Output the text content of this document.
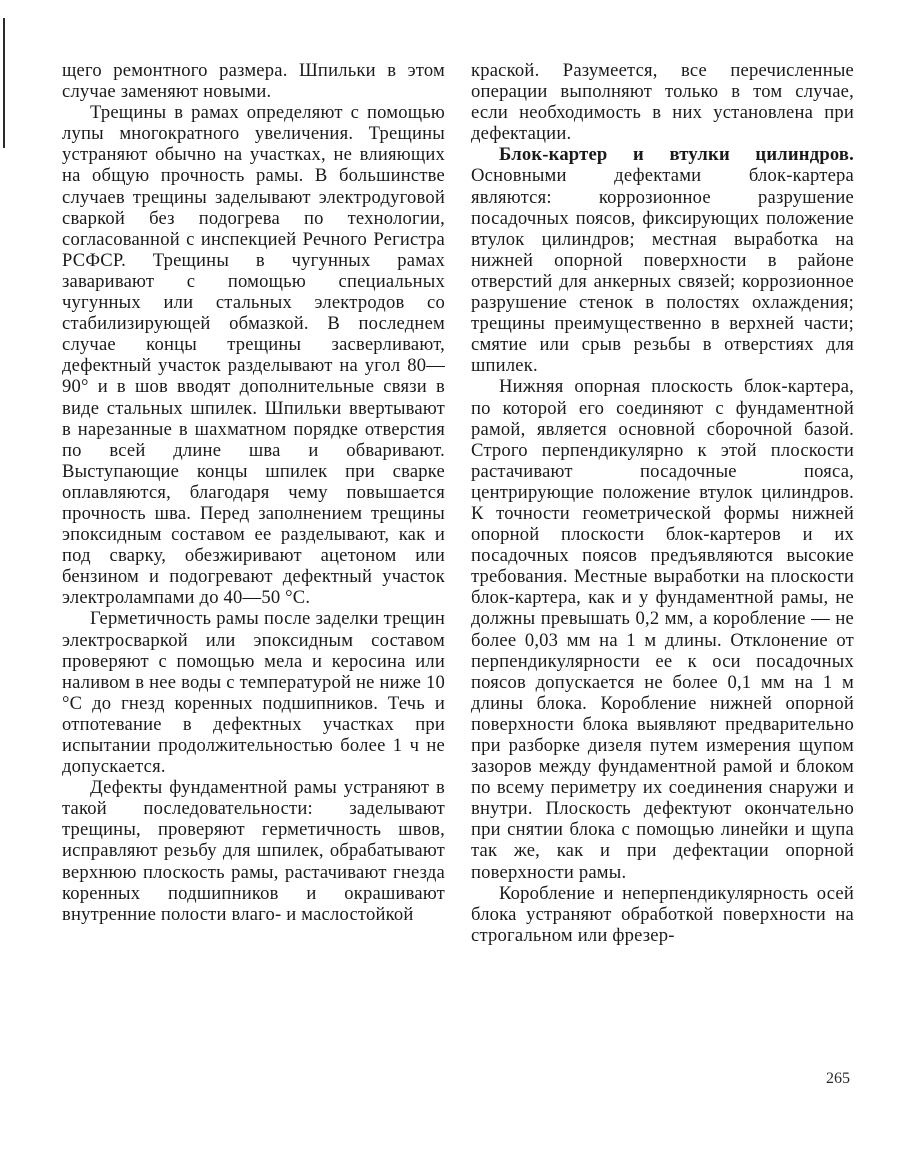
щего ремонтного размера. Шпильки в этом случае заменяют новыми.

Трещины в рамах определяют с помощью лупы многократного увеличения. Трещины устраняют обычно на участках, не влияющих на общую прочность рамы. В большинстве случаев трещины заделывают электродуговой сваркой без подогрева по технологии, согласованной с инспекцией Речного Регистра РСФСР. Трещины в чугунных рамах заваривают с помощью специальных чугунных или стальных электродов со стабилизирующей обмазкой. В последнем случае концы трещины засверливают, дефектный участок разделывают на угол 80—90° и в шов вводят дополнительные связи в виде стальных шпилек. Шпильки ввертывают в нарезанные в шахматном порядке отверстия по всей длине шва и обваривают. Выступающие концы шпилек при сварке оплавляются, благодаря чему повышается прочность шва. Перед заполнением трещины эпоксидным составом ее разделывают, как и под сварку, обезжиривают ацетоном или бензином и подогревают дефектный участок электролампами до 40—50 °С.

Герметичность рамы после заделки трещин электросваркой или эпоксидным составом проверяют с помощью мела и керосина или наливом в нее воды с температурой не ниже 10 °С до гнезд коренных подшипников. Течь и отпотевание в дефектных участках при испытании продолжительностью более 1 ч не допускается.

Дефекты фундаментной рамы устраняют в такой последовательности: заделывают трещины, проверяют герметичность швов, исправляют резьбу для шпилек, обрабатывают верхнюю плоскость рамы, растачивают гнезда коренных подшипников и окрашивают внутренние полости влаго- и маслостойкой

краской. Разумеется, все перечисленные операции выполняют только в том случае, если необходимость в них установлена при дефектации.

Блок-картер и втулки цилиндров. Основными дефектами блок-картера являются: коррозионное разрушение посадочных поясов, фиксирующих положение втулок цилиндров; местная выработка на нижней опорной поверхности в районе отверстий для анкерных связей; коррозионное разрушение стенок в полостях охлаждения; трещины преимущественно в верхней части; смятие или срыв резьбы в отверстиях для шпилек.

Нижняя опорная плоскость блок-картера, по которой его соединяют с фундаментной рамой, является основной сборочной базой. Строго перпендикулярно к этой плоскости растачивают посадочные пояса, центрирующие положение втулок цилиндров. К точности геометрической формы нижней опорной плоскости блок-картеров и их посадочных поясов предъявляются высокие требования. Местные выработки на плоскости блок-картера, как и у фундаментной рамы, не должны превышать 0,2 мм, а коробление — не более 0,03 мм на 1 м длины. Отклонение от перпендикулярности ее к оси посадочных поясов допускается не более 0,1 мм на 1 м длины блока. Коробление нижней опорной поверхности блока выявляют предварительно при разборке дизеля путем измерения щупом зазоров между фундаментной рамой и блоком по всему периметру их соединения снаружи и внутри. Плоскость дефектуют окончательно при снятии блока с помощью линейки и щупа так же, как и при дефектации опорной поверхности рамы.

Коробление и неперпендикулярность осей блока устраняют обработкой поверхности на строгальном или фрезер-

265
